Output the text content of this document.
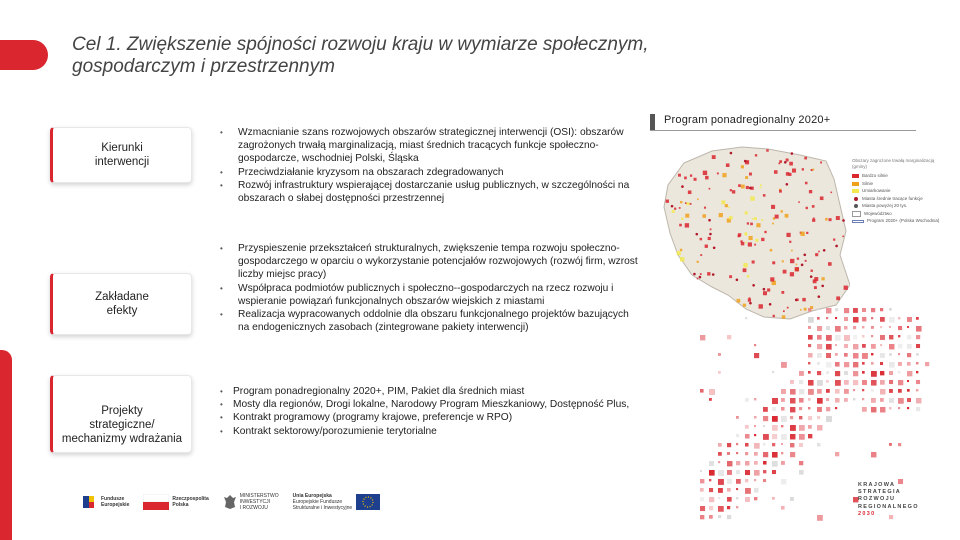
Cel 1. Zwiększenie spójności rozwoju kraju w wymiarze społecznym,
gospodarczym i przestrzennym
Kierunki
interwencji
Zakładane
efekty
Projekty
strategiczne/
mechanizmy wdrażania
• Wzmacnianie szans rozwojowych obszarów strategicznej interwencji (OSI): obszarów zagrożonych trwałą marginalizacją, miast średnich tracących funkcje społeczno-gospodarcze, wschodniej Polski, Śląska
• Przeciwdziałanie kryzysom na obszarach zdegradowanych
• Rozwój infrastruktury wspierającej dostarczanie usług publicznych, w szczególności na obszarach o słabej dostępności przestrzennej
• Przyspieszenie przekształceń strukturalnych, zwiększenie tempa rozwoju społeczno-gospodarczego w oparciu o wykorzystanie potencjałów rozwojowych (rozwój firm, wzrost liczby miejsc pracy)
• Współpraca podmiotów publicznych i społeczno--gospodarczych na rzecz rozwoju i wspieranie powiązań funkcjonalnych obszarów wiejskich z miastami
• Realizacja wypracowanych oddolnie dla obszaru funkcjonalnego projektów bazujących na endogenicznych zasobach (zintegrowane pakiety interwencji)
• Program ponadregionalny 2020+, PIM, Pakiet dla średnich miast
• Mosty dla regionów, Drogi lokalne, Narodowy Program Mieszkaniowy, Dostępność Plus,
• Kontrakt programowy (programy krajowe, preferencje w RPO)
• Kontrakt sektorowy/porozumienie terytorialne
Program ponadregionalny 2020+
Obszary zagrożone trwałą marginalizacją (gminy)
Bardzo silnie
Silnie
Umiarkowanie
Miasta średnie tracące funkcje
Miasta powyżej 20 tys.
Województwo
Program 2020+ (Polska Wschodnia)
KRAJOWA
STRATEGIA
ROZWOJU
REGIONALNEGO
2030
Fundusze
Europejskie
Rzeczpospolita
Polska
MINISTERSTWO
INWESTYCJI
I ROZWOJU
Unia Europejska
Europejskie Fundusze
Strukturalne i Inwestycyjne
